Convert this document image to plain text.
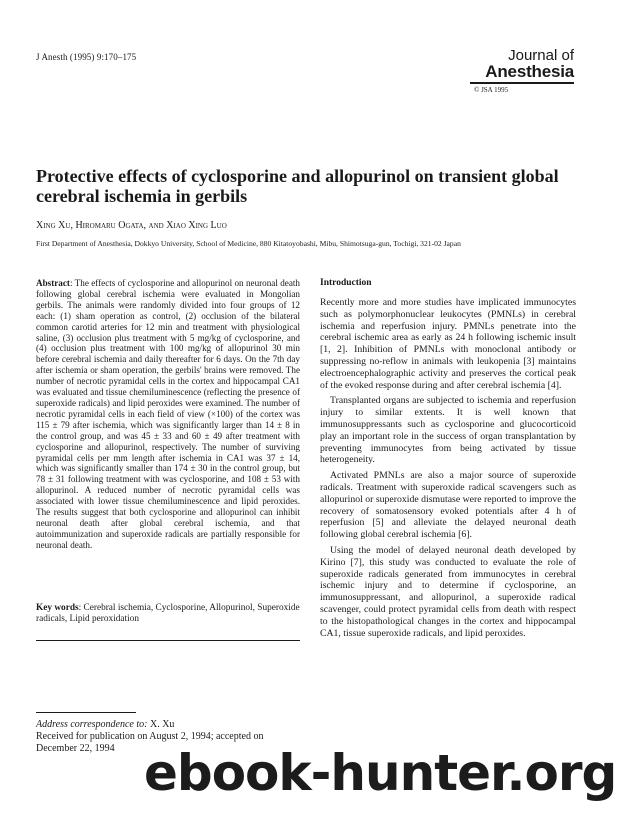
J Anesth (1995) 9:170–175	Journal of
Anesthesia
© JSA 1995
Protective effects of cyclosporine and allopurinol on transient global cerebral ischemia in gerbils
Xing Xu, Hiromaru Ogata, and Xiao Xing Luo
First Department of Anesthesia, Dokkyo University, School of Medicine, 880 Kitatoyobashi, Mibu, Shimotsuga-gun, Tochigi, 321-02 Japan
Abstract: The effects of cyclosporine and allopurinol on neuronal death following global cerebral ischemia were evaluated in Mongolian gerbils. The animals were randomly divided into four groups of 12 each: (1) sham operation as control, (2) occlusion of the bilateral common carotid arteries for 12 min and treatment with physiological saline, (3) occlusion plus treatment with 5 mg/kg of cyclosporine, and (4) occlusion plus treatment with 100 mg/kg of allopurinol 30 min before cerebral ischemia and daily thereafter for 6 days. On the 7th day after ischemia or sham operation, the gerbils' brains were removed. The number of necrotic pyramidal cells in the cortex and hippocampal CA1 was evaluated and tissue chemiluminescence (reflecting the presence of superoxide radicals) and lipid peroxides were examined. The number of necrotic pyramidal cells in each field of view (×100) of the cortex was 115 ± 79 after ischemia, which was significantly larger than 14 ± 8 in the control group, and was 45 ± 33 and 60 ± 49 after treatment with cyclosporine and allopurinol, respectively. The number of surviving pyramidal cells per mm length after ischemia in CA1 was 37 ± 14, which was significantly smaller than 174 ± 30 in the control group, but 78 ± 31 following treatment with was cyclosporine, and 108 ± 53 with allopurinol. A reduced number of necrotic pyramidal cells was associated with lower tissue chemiluminescence and lipid peroxides. The results suggest that both cyclosporine and allopurinol can inhibit neuronal death after global cerebral ischemia, and that autoimmunization and superoxide radicals are partially responsible for neuronal death.
Key words: Cerebral ischemia, Cyclosporine, Allopurinol, Superoxide radicals, Lipid peroxidation
Introduction

Recently more and more studies have implicated immunocytes such as polymorphonuclear leukocytes (PMNLs) in cerebral ischemia and reperfusion injury. PMNLs penetrate into the cerebral ischemic area as early as 24 h following ischemic insult [1, 2]. Inhibition of PMNLs with monoclonal antibody or suppressing no-reflow in animals with leukopenia [3] maintains electroencephalographic activity and preserves the cortical peak of the evoked response during and after cerebral ischemia [4].

Transplanted organs are subjected to ischemia and reperfusion injury to similar extents. It is well known that immunosuppressants such as cyclosporine and glucocorticoid play an important role in the success of organ transplantation by preventing immunocytes from being activated by tissue heterogeneity.

Activated PMNLs are also a major source of superoxide radicals. Treatment with superoxide radical scavengers such as allopurinol or superoxide dismutase were reported to improve the recovery of somatosensory evoked potentials after 4 h of reperfusion [5] and alleviate the delayed neuronal death following global cerebral ischemia [6].

Using the model of delayed neuronal death developed by Kirino [7], this study was conducted to evaluate the role of superoxide radicals generated from immunocytes in cerebral ischemic injury and to determine if cyclosporine, an immunosuppressant, and allopurinol, a superoxide radical scavenger, could protect pyramidal cells from death with respect to the histopathological changes in the cortex and hippocampal CA1, tissue superoxide radicals, and lipid peroxides.

Address correspondence to: X. Xu
Received for publication on August 2, 1994; accepted on December 22, 1994 ebook-hunter.org
